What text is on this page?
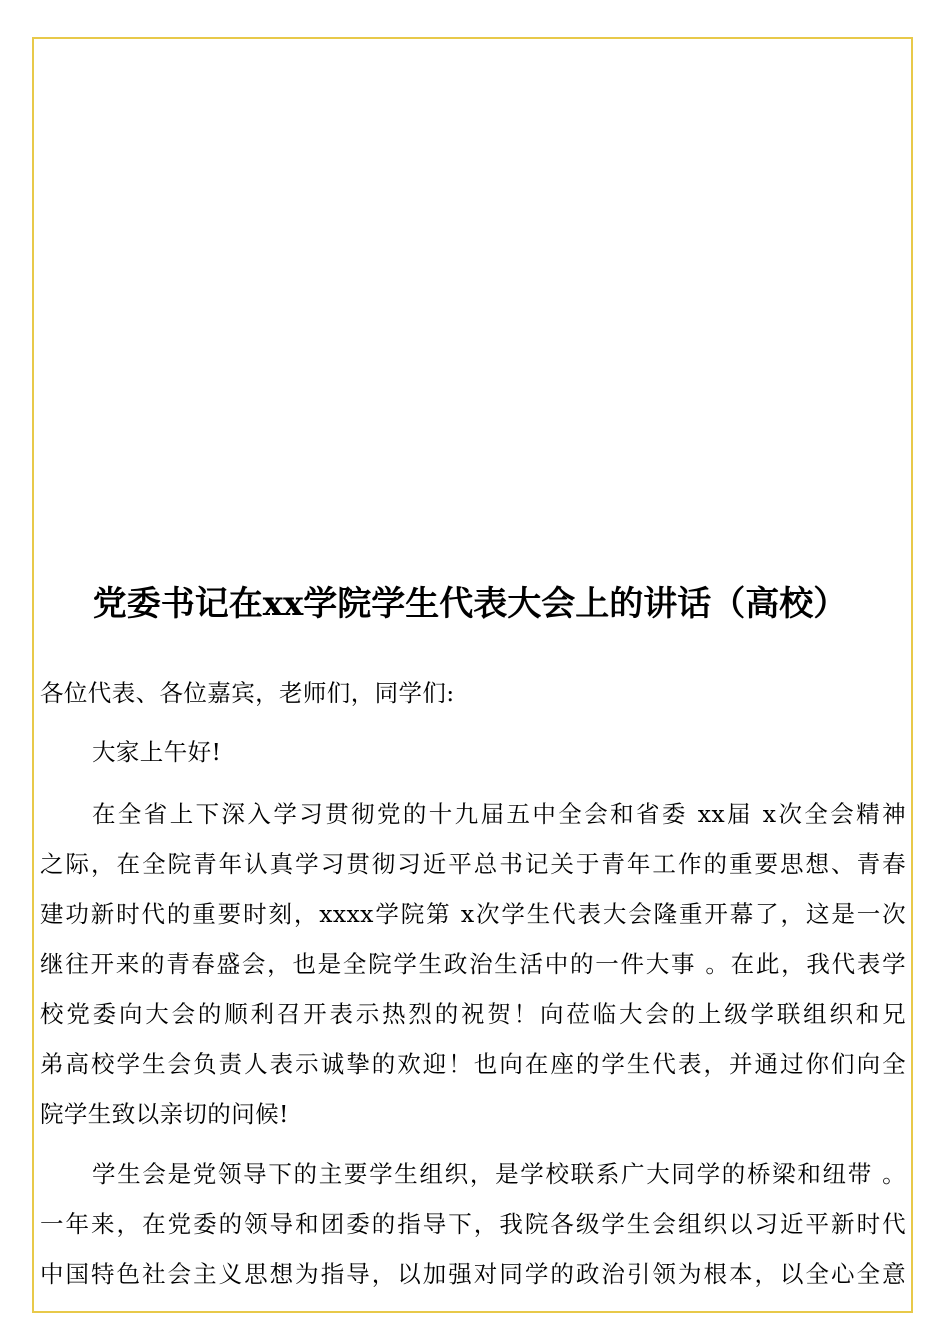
党委书记在xx学院学生代表大会上的讲话（高校）
各位代表、各位嘉宾，老师们，同学们:
大家上午好!
在全省上下深入学习贯彻党的十九届五中全会和省委 xx届 x次全会精神
之际，在全院青年认真学习贯彻习近平总书记关于青年工作的重要思想、青春
建功新时代的重要时刻，xxxx学院第 x次学生代表大会隆重开幕了，这是一次
继往开来的青春盛会，也是全院学生政治生活中的一件大事 。在此，我代表学
校党委向大会的顺利召开表示热烈的祝贺！向莅临大会的上级学联组织和兄
弟高校学生会负责人表示诚挚的欢迎！也向在座的学生代表，并通过你们向全
院学生致以亲切的问候!
学生会是党领导下的主要学生组织，是学校联系广大同学的桥梁和纽带 。
一年来，在党委的领导和团委的指导下，我院各级学生会组织以习近平新时代
中国特色社会主义思想为指导，以加强对同学的政治引领为根本，以全心全意
